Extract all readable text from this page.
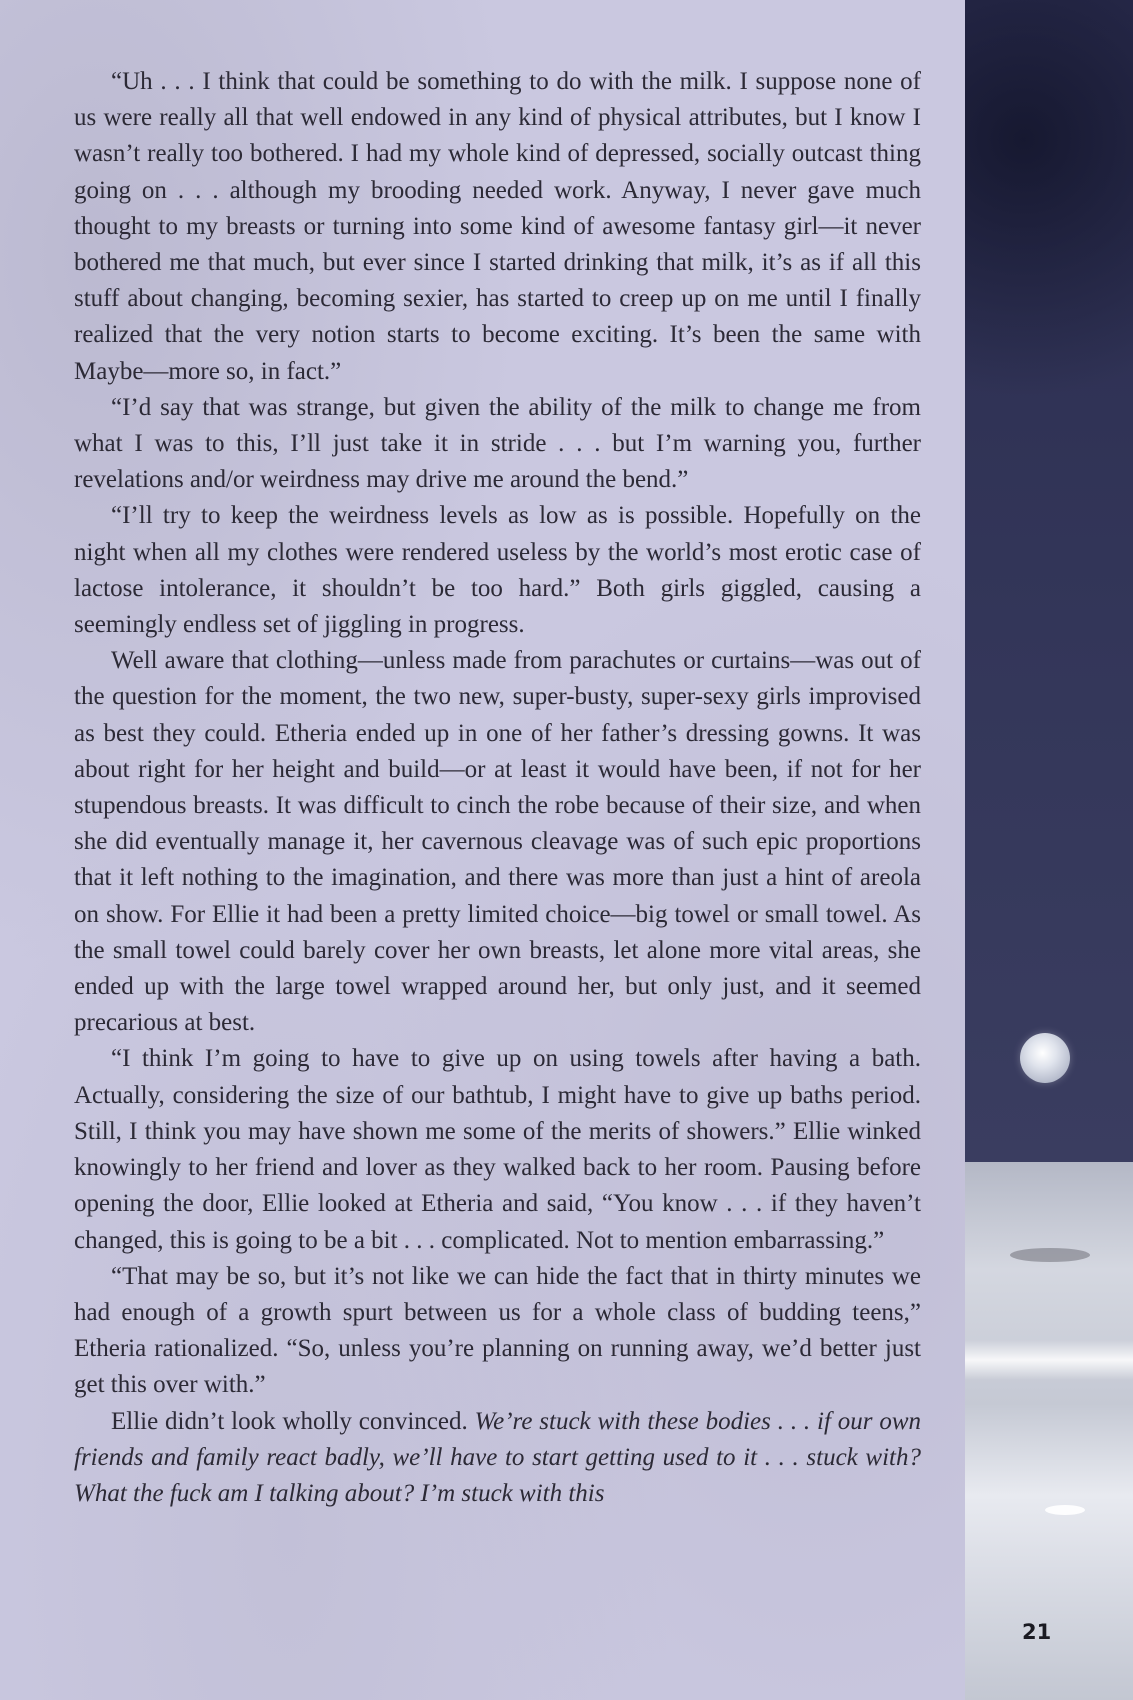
“Uh . . . I think that could be something to do with the milk. I suppose none of us were really all that well endowed in any kind of physical attributes, but I know I wasn’t really too bothered. I had my whole kind of depressed, socially outcast thing going on . . . although my brooding needed work. Anyway, I never gave much thought to my breasts or turning into some kind of awesome fantasy girl—it never bothered me that much, but ever since I started drinking that milk, it’s as if all this stuff about changing, becoming sexier, has started to creep up on me until I finally realized that the very notion starts to become exciting. It’s been the same with Maybe—more so, in fact.”

“I’d say that was strange, but given the ability of the milk to change me from what I was to this, I’ll just take it in stride . . . but I’m warning you, further revelations and/or weirdness may drive me around the bend.”

“I’ll try to keep the weirdness levels as low as is possible. Hopefully on the night when all my clothes were rendered useless by the world’s most erotic case of lactose intolerance, it shouldn’t be too hard.” Both girls giggled, causing a seemingly endless set of jiggling in progress.

Well aware that clothing—unless made from parachutes or curtains—was out of the question for the moment, the two new, super-busty, super-sexy girls improvised as best they could. Etheria ended up in one of her father’s dressing gowns. It was about right for her height and build—or at least it would have been, if not for her stupendous breasts. It was difficult to cinch the robe because of their size, and when she did eventually manage it, her cavernous cleavage was of such epic proportions that it left nothing to the imagination, and there was more than just a hint of areola on show. For Ellie it had been a pretty limited choice—big towel or small towel. As the small towel could barely cover her own breasts, let alone more vital areas, she ended up with the large towel wrapped around her, but only just, and it seemed precarious at best.

“I think I’m going to have to give up on using towels after having a bath. Actually, considering the size of our bathtub, I might have to give up baths period. Still, I think you may have shown me some of the merits of showers.” Ellie winked knowingly to her friend and lover as they walked back to her room. Pausing before opening the door, Ellie looked at Etheria and said, “You know . . . if they haven’t changed, this is going to be a bit . . . complicated. Not to mention embarrassing.”

“That may be so, but it’s not like we can hide the fact that in thirty minutes we had enough of a growth spurt between us for a whole class of budding teens,” Etheria rationalized. “So, unless you’re planning on running away, we’d better just get this over with.”

Ellie didn’t look wholly convinced. We’re stuck with these bodies . . . if our own friends and family react badly, we’ll have to start getting used to it . . . stuck with? What the fuck am I talking about? I’m stuck with this

21
